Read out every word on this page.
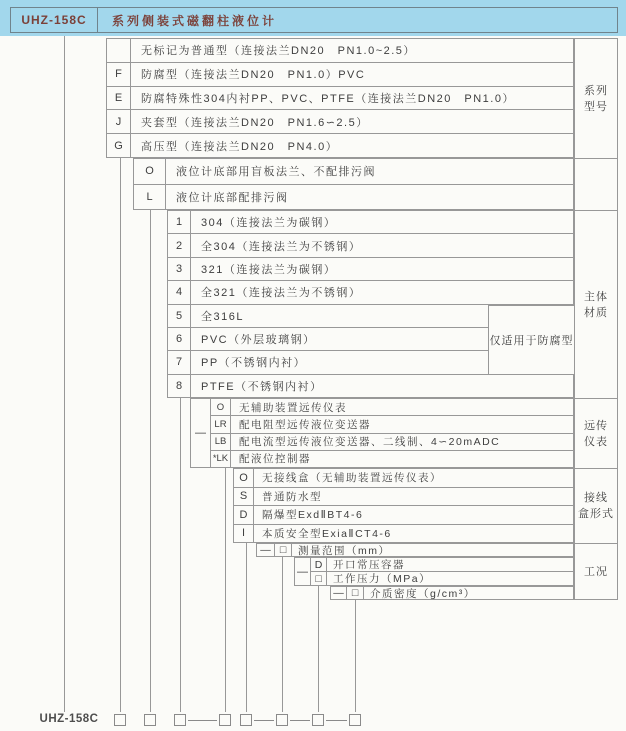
UHZ-158C 系列侧装式磁翻柱液位计
无标记为普通型（连接法兰DN20　PN1.0~2.5）
F	防腐型（连接法兰DN20　PN1.0）PVC
E	防腐特殊性304内衬PP、PVC、PTFE（连接法兰DN20　PN1.0）
J	夹套型（连接法兰DN20　PN1.6∽2.5）
G	高压型（连接法兰DN20　PN4.0）
O	液位计底部用盲板法兰、不配排污阀
L	液位计底部配排污阀
1	304（连接法兰为碳钢）
2	全304（连接法兰为不锈钢）
3	321（连接法兰为碳钢）
4	全321（连接法兰为不锈钢）
5	全316L
6	PVC（外层玻璃钢）
7	PP（不锈钢内衬）
8	PTFE（不锈钢内衬）
仅适用于防腐型
—
O	无辅助装置远传仪表
LR	配电阻型远传液位变送器
LB	配电流型远传液位变送器、二线制、4∽20mADC
*LK	配液位控制器
O	无接线盒（无辅助装置远传仪表）
S	普通防水型
D	隔爆型ExdⅡBT4-6
I	本质安全型ExiaⅡCT4-6
— □	测量范围（mm）
—
D	开口常压容器
□	工作压力（MPa）
— □	介质密度（g/cm³）
系列
型号
主体
材质
远传
仪表
接线
盒形式
工况
UHZ-158C
